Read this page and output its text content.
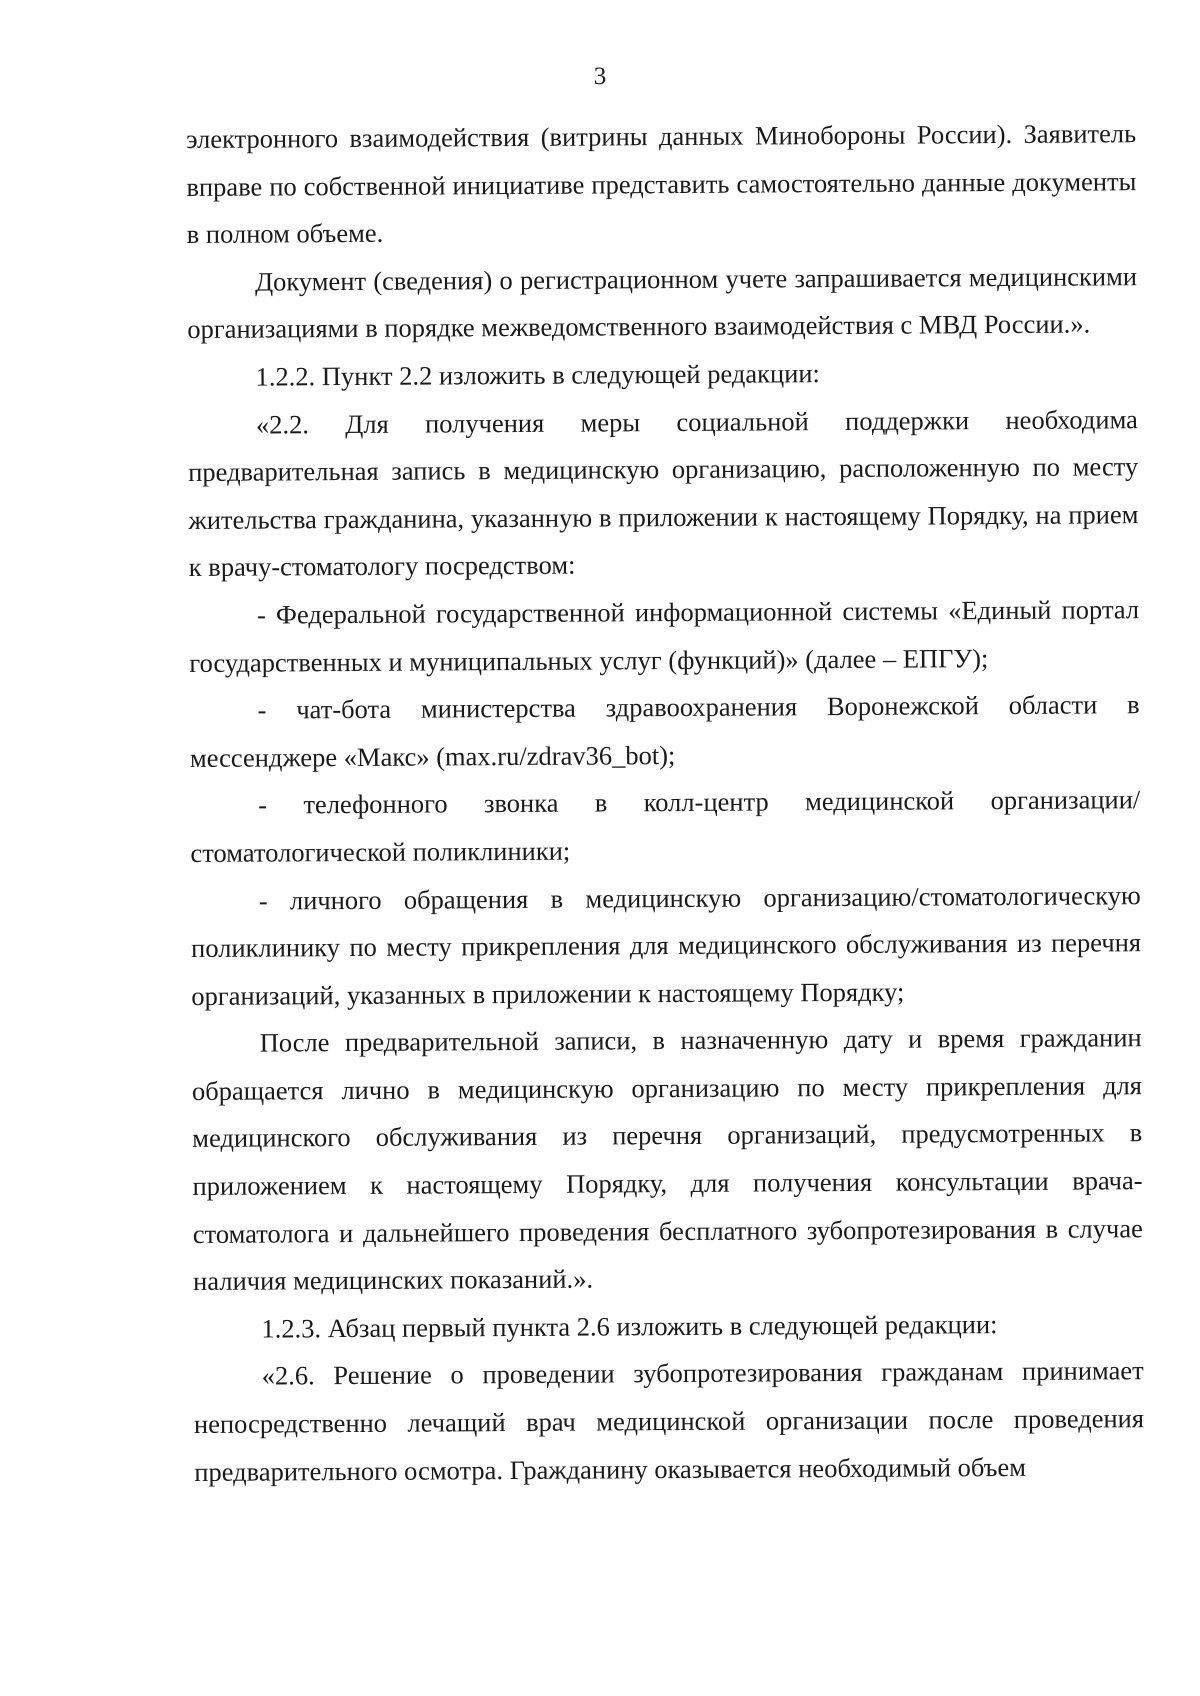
3

электронного взаимодействия (витрины данных Минобороны России). Заявитель вправе по собственной инициативе представить самостоятельно данные документы в полном объеме.

Документ (сведения) о регистрационном учете запрашивается медицинскими организациями в порядке межведомственного взаимодействия с МВД России.».

1.2.2. Пункт 2.2 изложить в следующей редакции:

«2.2. Для получения меры социальной поддержки необходима предварительная запись в медицинскую организацию, расположенную по месту жительства гражданина, указанную в приложении к настоящему Порядку, на прием к врачу-стоматологу посредством:

- Федеральной государственной информационной системы «Единый портал государственных и муниципальных услуг (функций)» (далее – ЕПГУ);

- чат-бота министерства здравоохранения Воронежской области в мессенджере «Макс» (max.ru/zdrav36_bot);

- телефонного звонка в колл-центр медицинской организации/стоматологической поликлиники;

- личного обращения в медицинскую организацию/стоматологическую поликлинику по месту прикрепления для медицинского обслуживания из перечня организаций, указанных в приложении к настоящему Порядку;

После предварительной записи, в назначенную дату и время гражданин обращается лично в медицинскую организацию по месту прикрепления для медицинского обслуживания из перечня организаций, предусмотренных в приложением к настоящему Порядку, для получения консультации врача-стоматолога и дальнейшего проведения бесплатного зубопротезирования в случае наличия медицинских показаний.».

1.2.3. Абзац первый пункта 2.6 изложить в следующей редакции:

«2.6. Решение о проведении зубопротезирования гражданам принимает непосредственно лечащий врач медицинской организации после проведения предварительного осмотра. Гражданину оказывается необходимый объем
